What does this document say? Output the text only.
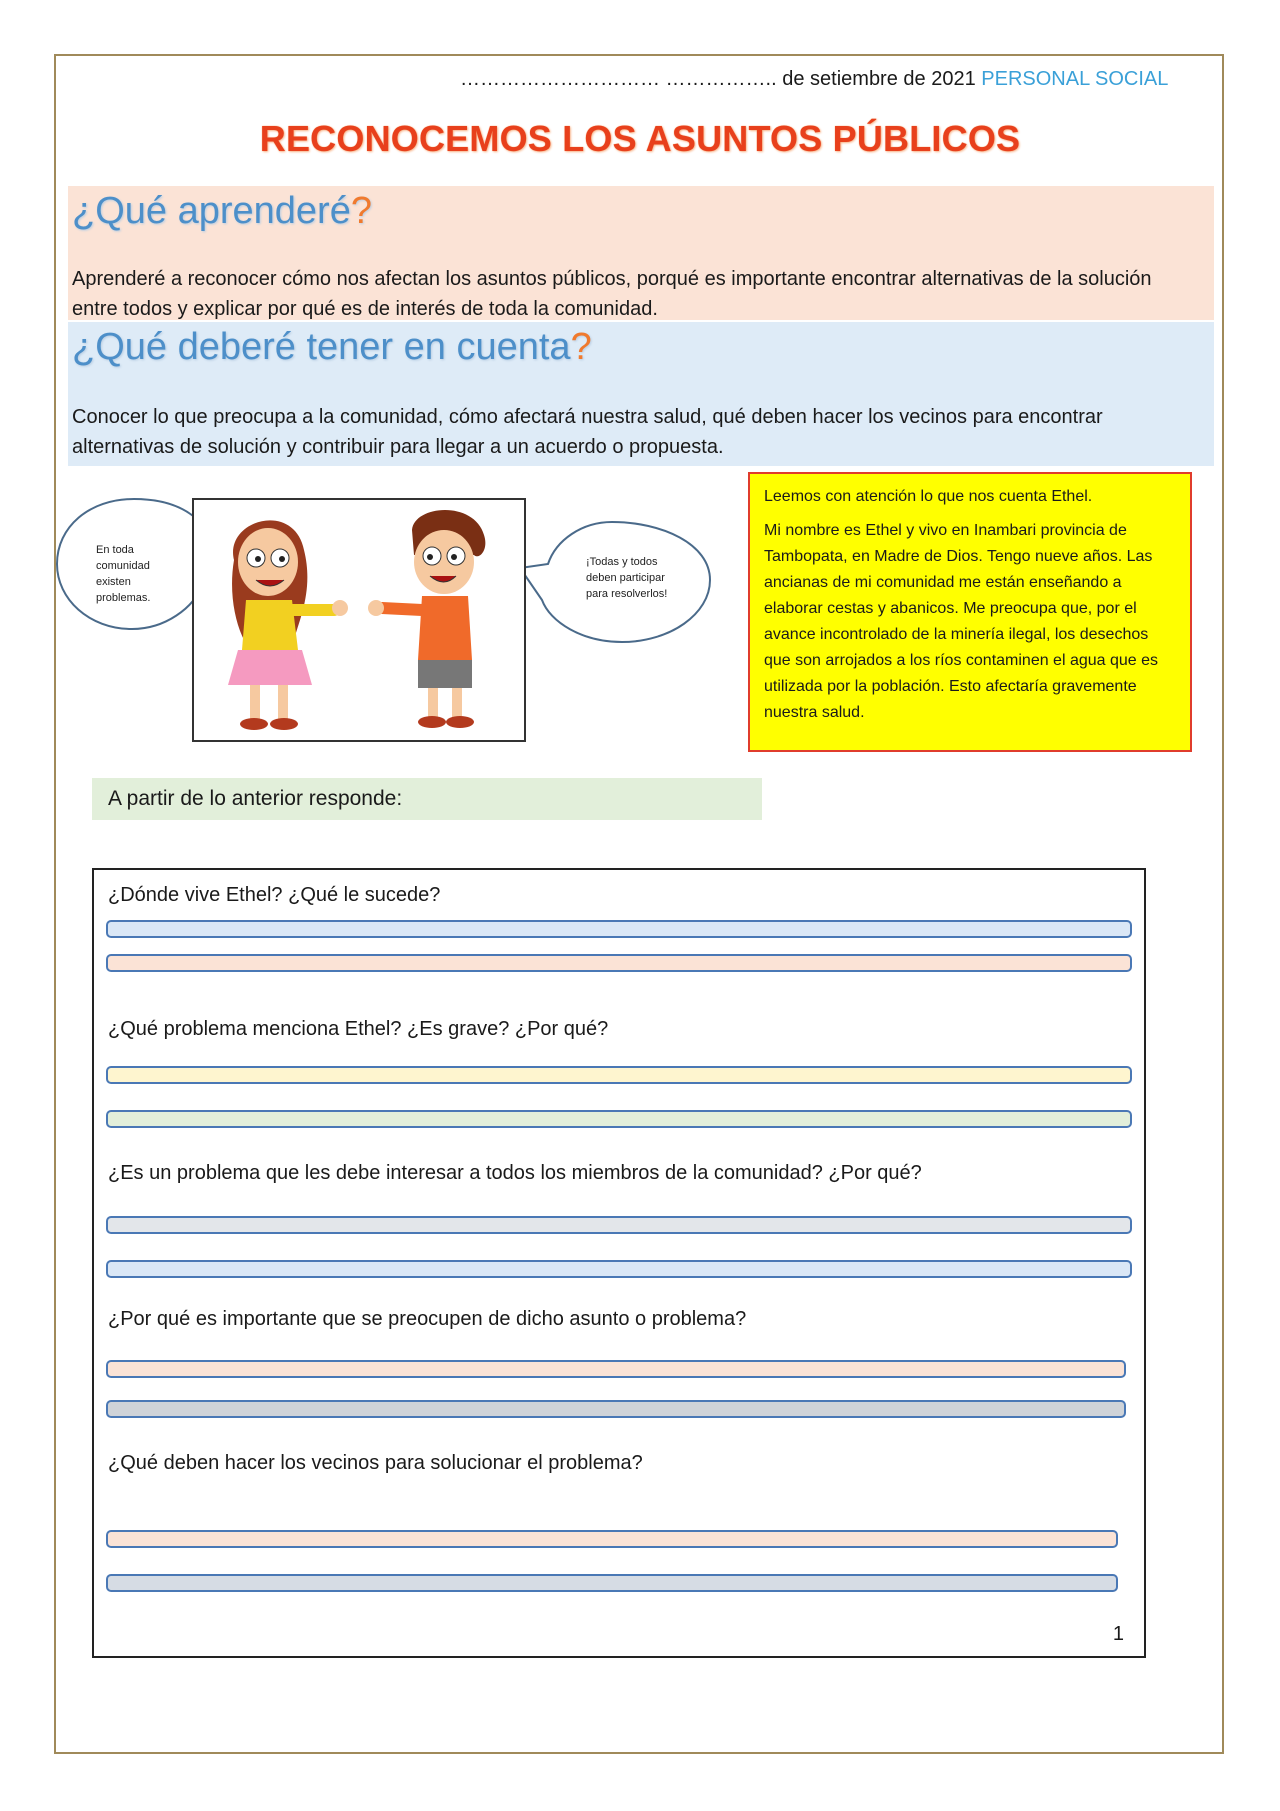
………………………… …………….. de setiembre de 2021 PERSONAL SOCIAL
RECONOCEMOS LOS ASUNTOS PÚBLICOS
¿Qué aprenderé?
Aprenderé a reconocer cómo nos afectan los asuntos públicos, porqué es importante encontrar alternativas de la solución entre todos y explicar por qué es de interés de toda la comunidad.
¿Qué deberé tener en cuenta?
Conocer lo que preocupa a la comunidad, cómo afectará nuestra salud, qué deben hacer los vecinos para encontrar alternativas de solución y contribuir para llegar a un acuerdo o propuesta.
En toda comunidad existen problemas.
¡Todas y todos deben participar para resolverlos!

Leemos con atención lo que nos cuenta Ethel.

Mi nombre es Ethel y vivo en Inambari provincia de Tambopata, en Madre de Dios. Tengo nueve años. Las ancianas de mi comunidad me están enseñando a elaborar cestas y abanicos. Me preocupa que, por el avance incontrolado de la minería ilegal, los desechos que son arrojados a los ríos contaminen el agua que es utilizada por la población. Esto afectaría gravemente nuestra salud.

A partir de lo anterior responde:
¿Dónde vive Ethel? ¿Qué le sucede?
¿Qué problema menciona Ethel? ¿Es grave? ¿Por qué?
¿Es un problema que les debe interesar a todos los miembros de la comunidad? ¿Por qué?
¿Por qué es importante que se preocupen de dicho asunto o problema?
¿Qué deben hacer los vecinos para solucionar el problema?
1
